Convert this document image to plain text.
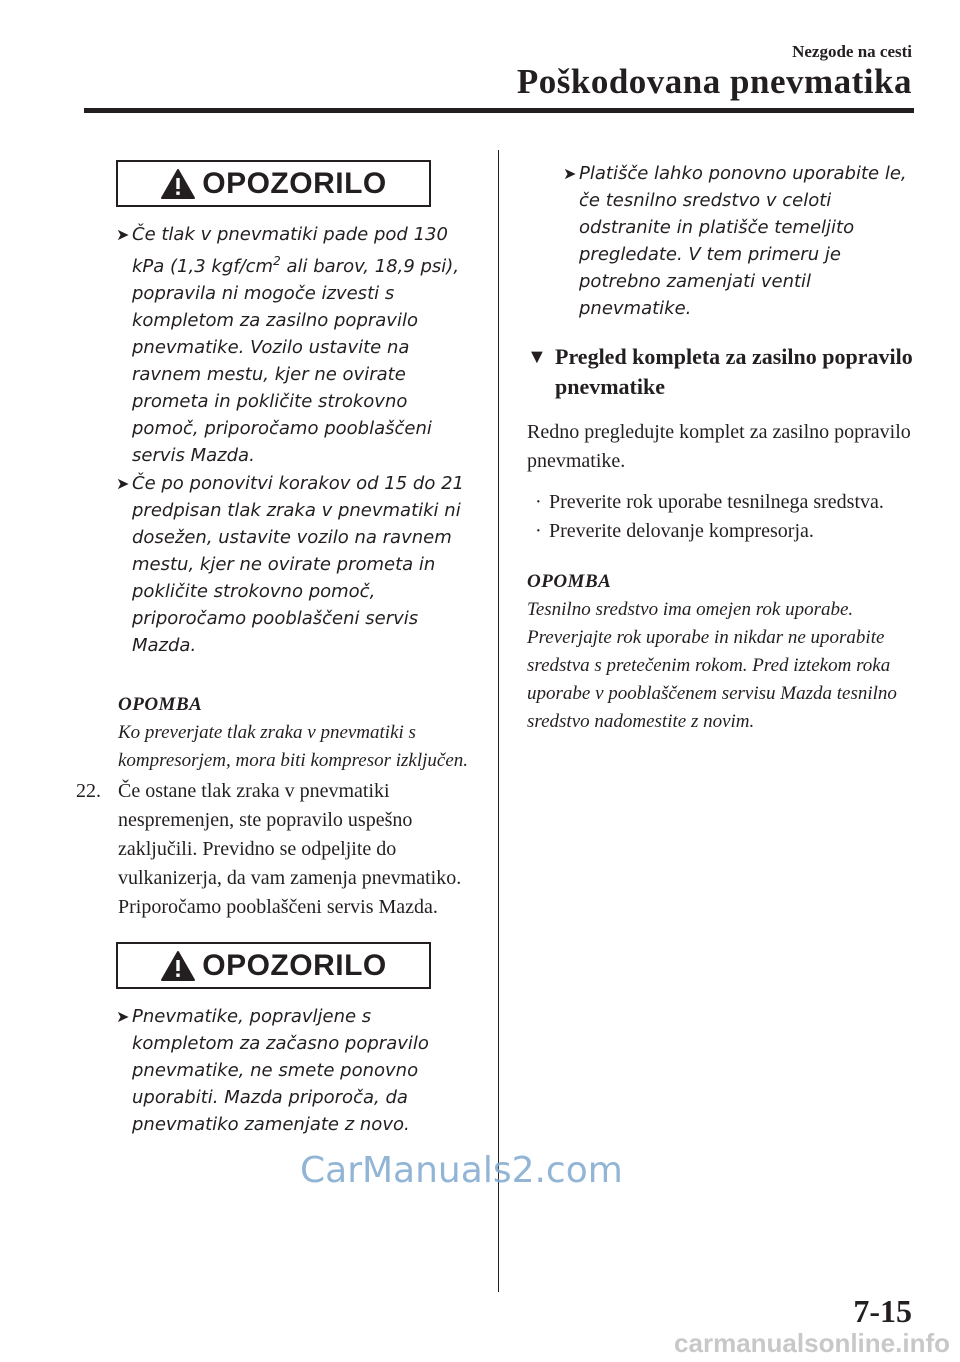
Nezgode na cesti
Poškodovana pnevmatika
OPOZORILO
➤ Če tlak v pnevmatiki pade pod 130 kPa (1,3 kgf/$cm^2$ ali barov, 18,9 psi), popravila ni mogoče izvesti s kompletom za zasilno popravilo pnevmatike. Vozilo ustavite na ravnem mestu, kjer ne ovirate prometa in pokličite strokovno pomoč, priporočamo pooblaščeni servis Mazda.
➤ Če po ponovitvi korakov od 15 do 21 predpisan tlak zraka v pnevmatiki ni dosežen, ustavite vozilo na ravnem mestu, kjer ne ovirate prometa in pokličite strokovno pomoč, priporočamo pooblaščeni servis Mazda.
OPOMBA
Ko preverjate tlak zraka v pnevmatiki s kompresorjem, mora biti kompresor izključen.
22. Če ostane tlak zraka v pnevmatiki nespremenjen, ste popravilo uspešno zaključili. Previdno se odpeljite do vulkanizerja, da vam zamenja pnevmatiko. Priporočamo pooblaščeni servis Mazda.
OPOZORILO
➤ Pnevmatike, popravljene s kompletom za začasno popravilo pnevmatike, ne smete ponovno uporabiti. Mazda priporoča, da pnevmatiko zamenjate z novo.
➤ Platišče lahko ponovno uporabite le, če tesnilno sredstvo v celoti odstranite in platišče temeljito pregledate. V tem primeru je potrebno zamenjati ventil pnevmatike.
▼ Pregled kompleta za zasilno popravilo pnevmatike
Redno pregledujte komplet za zasilno popravilo pnevmatike.
· Preverite rok uporabe tesnilnega sredstva.
· Preverite delovanje kompresorja.
OPOMBA
Tesnilno sredstvo ima omejen rok uporabe. Preverjajte rok uporabe in nikdar ne uporabite sredstva s pretečenim rokom. Pred iztekom roka uporabe v pooblaščenem servisu Mazda tesnilno sredstvo nadomestite z novim.
CarManuals2.com
7-15
carmanualsonline.info
